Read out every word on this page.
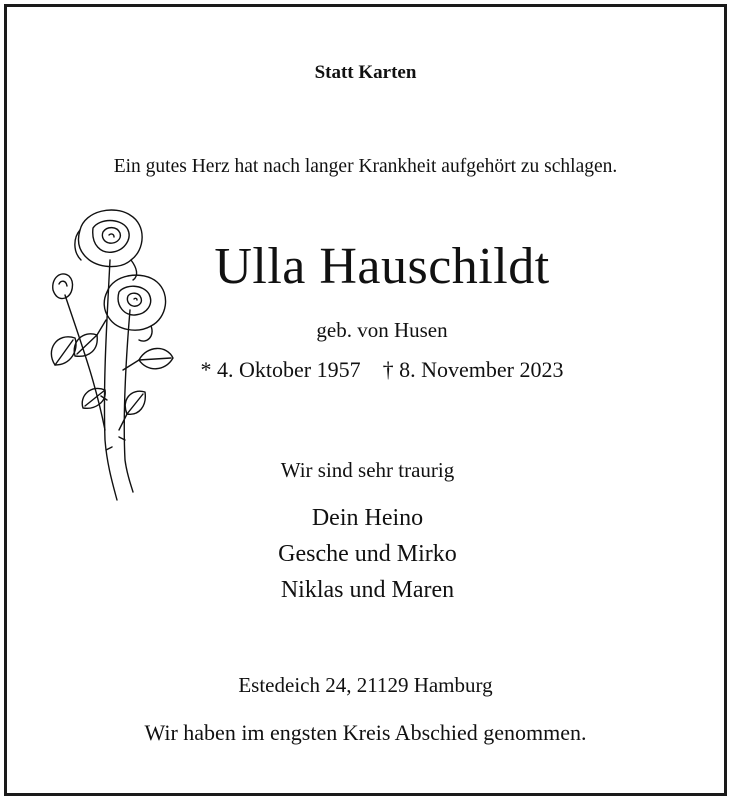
Statt Karten
Ein gutes Herz hat nach langer Krankheit aufgehört zu schlagen.
Ulla Hauschildt
geb. von Husen
* 4. Oktober 1957 † 8. November 2023
Wir sind sehr traurig
Dein Heino
Gesche und Mirko
Niklas und Maren
Estedeich 24, 21129 Hamburg
Wir haben im engsten Kreis Abschied genommen.
